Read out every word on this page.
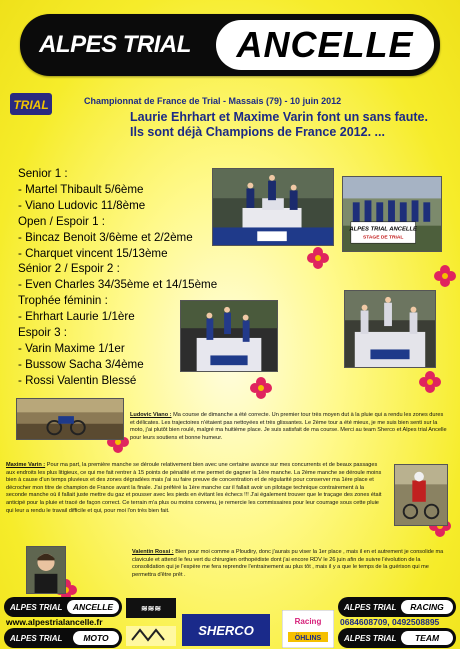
ALPES TRIAL	ANCELLE
TRIAL	Championnat de France de Trial - Massais (79) - 10 juin 2012
Laurie Ehrhart et Maxime Varin font un sans faute.
Ils sont déjà Champions de France 2012. ...
Senior 1 :
- Martel Thibault 5/6ème
- Viano Ludovic 11/8ème
Open / Espoir 1 :
- Bincaz Benoit 3/6ème et 2/2ème
- Charquet vincent 15/13ème
Sénior 2 / Espoir 2 :
- Even Charles 34/35ème et 14/15ème
Trophée féminin :
- Ehrhart Laurie 1/1ère
Espoir 3 :
- Varin Maxime 1/1er
- Bussow Sacha 3/4ème
- Rossi Valentin Blessé
ALPES TRIAL ANCELLE
STAGE DE TRIAL
Ludovic Viano : Ma course de dimanche a été correcte. Un premier tour très moyen dut à la pluie qui a rendu les zones dures et délicates. Les trajectoires n'étaient pas nettoyées et très glissantes. Le 2ème tour a été mieux, je me suis bien senti sur la moto, j'ai plutôt bien roulé, malgré ma huitième place. Je suis satisfait de ma course. Merci au team Sherco et Alpes trial Ancelle pour leurs soutiens et bonne humeur.
Maxime Varin : Pour ma part, la première manche se déroule relativement bien avec une certaine avance sur mes concurrents et de beaux passages aux endroits les plus litigieux, ce qui me fait rentrer à 15 points de pénalité et me permet de gagner la 1ère manche. La 2ème manche se déroule moins bien à cause d'un temps pluvieux et des zones dégradées mais j'ai su faire preuve de concentration et de régularité pour conserver ma 1ère place et décrocher mon titre de champion de France avant la finale. J'ai préféré la 1ère manche car il fallait avoir un pilotage technique contrairement à la seconde manche où il fallait juste mettre du gaz et pousser avec les pieds en évitant les échecs !!! J'ai également trouver que le traçage des zones était anticipé pour la pluie et tracé de façon correct. Ce terrain m'a plus ou moins convenu, je remercie les commissaires pour leur courrage sous cette pluie qui leur a rendu le travail difficile et qui, pour moi l'on très bien fait.
Valentin Rossi : Bien pour moi comme a Ploudiry, donc j'aurais pu viser la 1er place , mais il en et autrement je consolide ma clavicule et attend le feu vert du chirurgien orthopédiste dont j'ai encore RDV le 26 juin afin de suivre l'évolution de la consolidation qui je l'espère me fera reprendre l'entrainement au plus tôt , mais il y a que le temps de la guérison qui me permettra d'être prêt .
ALPES TRIAL	ANCELLE
www.alpestrialancelle.fr
ALPES TRIAL	MOTO
≋≋≋
SHERCO
Racing
ÖHLINS
ALPES TRIAL	RACING
0684608709, 0492508895
ALPES TRIAL	TEAM
